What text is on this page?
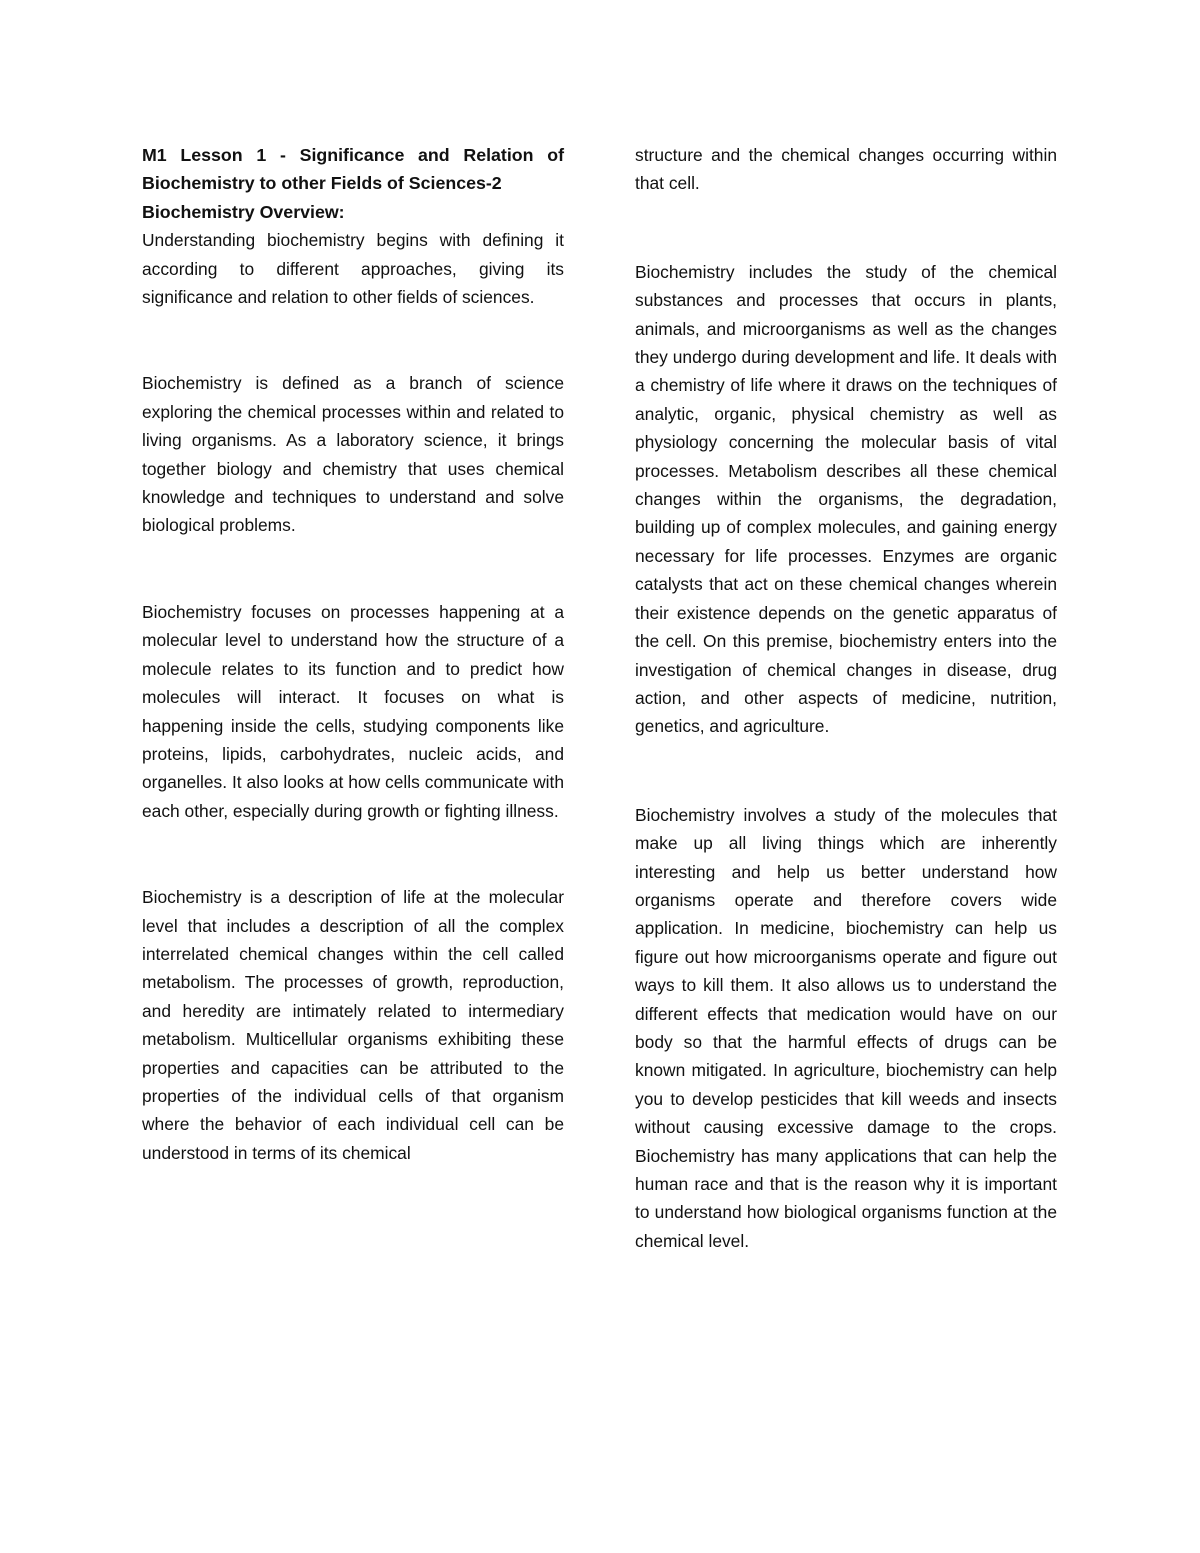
M1 Lesson 1 - Significance and Relation of Biochemistry to other Fields of Sciences-2

Biochemistry Overview:

Understanding biochemistry begins with defining it according to different approaches, giving its significance and relation to other fields of sciences.

Biochemistry is defined as a branch of science exploring the chemical processes within and related to living organisms. As a laboratory science, it brings together biology and chemistry that uses chemical knowledge and techniques to understand and solve biological problems.

Biochemistry focuses on processes happening at a molecular level to understand how the structure of a molecule relates to its function and to predict how molecules will interact. It focuses on what is happening inside the cells, studying components like proteins, lipids, carbohydrates, nucleic acids, and organelles. It also looks at how cells communicate with each other, especially during growth or fighting illness.

Biochemistry is a description of life at the molecular level that includes a description of all the complex interrelated chemical changes within the cell called metabolism. The processes of growth, reproduction, and heredity are intimately related to intermediary metabolism. Multicellular organisms exhibiting these properties and capacities can be attributed to the properties of the individual cells of that organism where the behavior of each individual cell can be understood in terms of its chemical

structure and the chemical changes occurring within that cell.

Biochemistry includes the study of the chemical substances and processes that occurs in plants, animals, and microorganisms as well as the changes they undergo during development and life. It deals with a chemistry of life where it draws on the techniques of analytic, organic, physical chemistry as well as physiology concerning the molecular basis of vital processes. Metabolism describes all these chemical changes within the organisms, the degradation, building up of complex molecules, and gaining energy necessary for life processes. Enzymes are organic catalysts that act on these chemical changes wherein their existence depends on the genetic apparatus of the cell. On this premise, biochemistry enters into the investigation of chemical changes in disease, drug action, and other aspects of medicine, nutrition, genetics, and agriculture.

Biochemistry involves a study of the molecules that make up all living things which are inherently interesting and help us better understand how organisms operate and therefore covers wide application. In medicine, biochemistry can help us figure out how microorganisms operate and figure out ways to kill them. It also allows us to understand the different effects that medication would have on our body so that the harmful effects of drugs can be known mitigated. In agriculture, biochemistry can help you to develop pesticides that kill weeds and insects without causing excessive damage to the crops. Biochemistry has many applications that can help the human race and that is the reason why it is important to understand how biological organisms function at the chemical level.
